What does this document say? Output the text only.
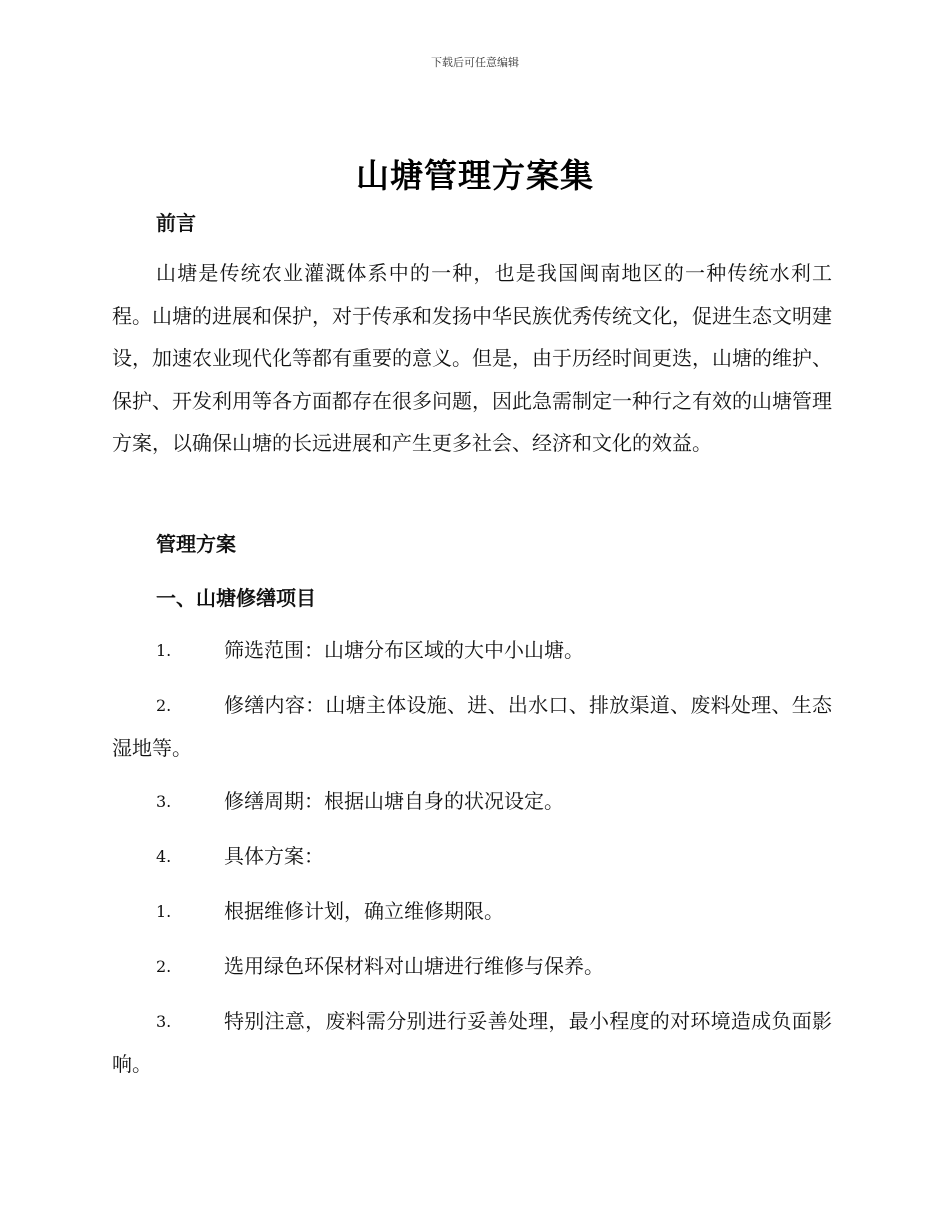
下载后可任意编辑
山塘管理方案集
前言
山塘是传统农业灌溉体系中的一种，也是我国闽南地区的一种传统水利工程。山塘的进展和保护，对于传承和发扬中华民族优秀传统文化，促进生态文明建设，加速农业现代化等都有重要的意义。但是，由于历经时间更迭，山塘的维护、保护、开发利用等各方面都存在很多问题，因此急需制定一种行之有效的山塘管理方案，以确保山塘的长远进展和产生更多社会、经济和文化的效益。
管理方案
一、山塘修缮项目
1.	筛选范围：山塘分布区域的大中小山塘。
2.	修缮内容：山塘主体设施、进、出水口、排放渠道、废料处理、生态湿地等。
3.	修缮周期：根据山塘自身的状况设定。
4.	具体方案：
1.	根据维修计划，确立维修期限。
2.	选用绿色环保材料对山塘进行维修与保养。
3.	特别注意，废料需分别进行妥善处理，最小程度的对环境造成负面影响。
